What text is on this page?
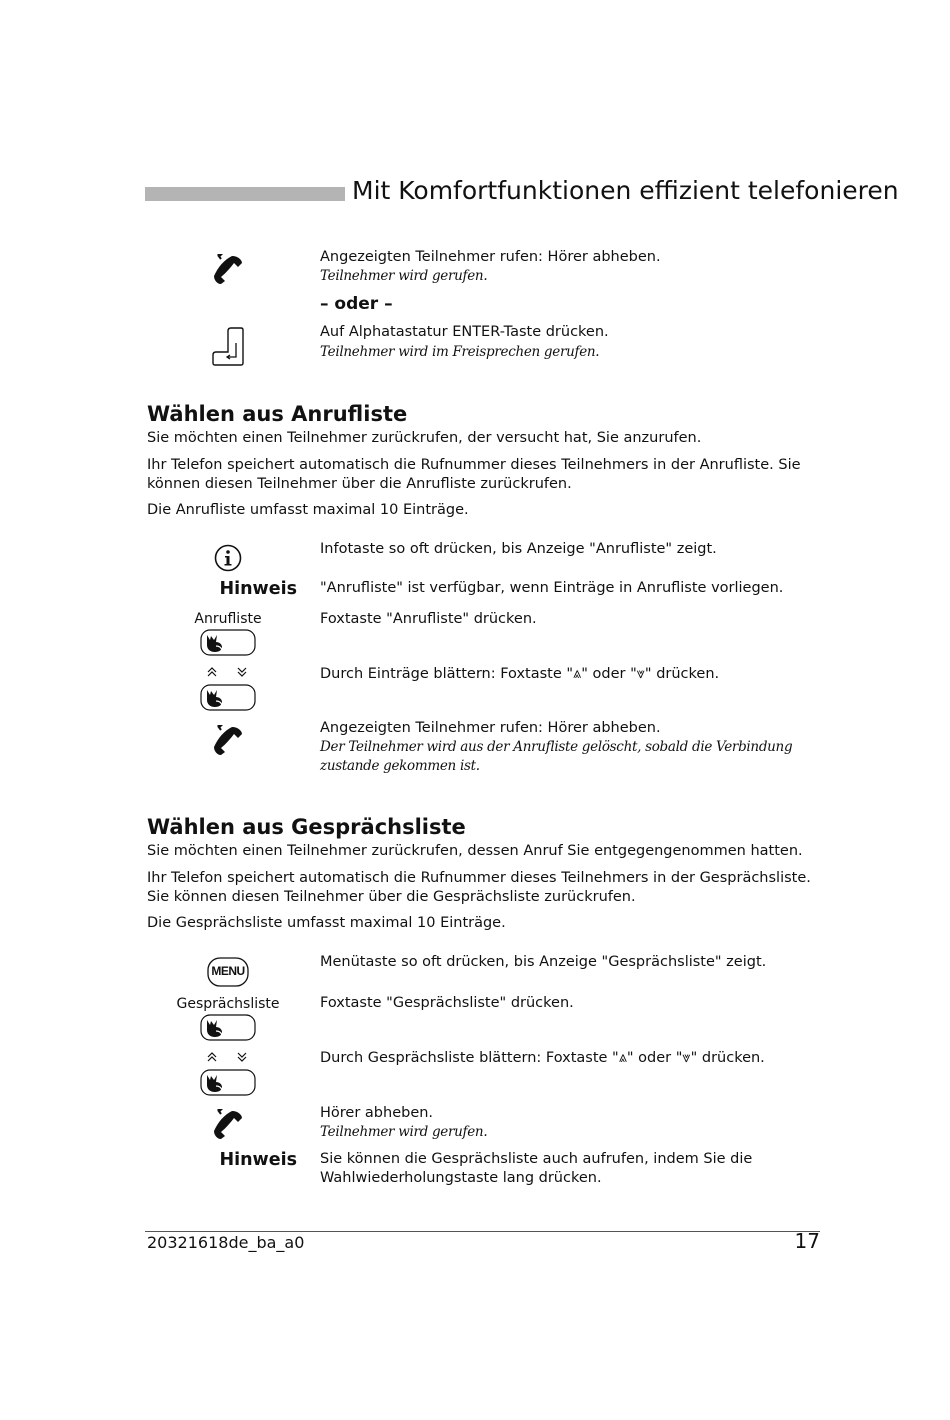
Mit Komfortfunktionen effizient telefonieren
Angezeigten Teilnehmer rufen: Hörer abheben.
Teilnehmer wird gerufen.
– oder –
Auf Alphatastatur ENTER-Taste drücken.
Teilnehmer wird im Freisprechen gerufen.
Wählen aus Anrufliste
Sie möchten einen Teilnehmer zurückrufen, der versucht hat, Sie anzurufen.
Ihr Telefon speichert automatisch die Rufnummer dieses Teilnehmers in der Anrufliste. Sie können diesen Teilnehmer über die Anrufliste zurückrufen.
Die Anrufliste umfasst maximal 10 Einträge.
Infotaste so oft drücken, bis Anzeige "Anrufliste" zeigt.
Hinweis "Anrufliste" ist verfügbar, wenn Einträge in Anrufliste vorliegen.
Anrufliste	Foxtaste "Anrufliste" drücken.
Durch Einträge blättern: Foxtaste "⩓" oder "⩔" drücken.
Angezeigten Teilnehmer rufen: Hörer abheben.
Der Teilnehmer wird aus der Anrufliste gelöscht, sobald die Verbindung zustande gekommen ist.
Wählen aus Gesprächsliste
Sie möchten einen Teilnehmer zurückrufen, dessen Anruf Sie entgegengenommen hatten.
Ihr Telefon speichert automatisch die Rufnummer dieses Teilnehmers in der Gesprächsliste. Sie können diesen Teilnehmer über die Gesprächsliste zurückrufen.
Die Gesprächsliste umfasst maximal 10 Einträge.
MENU
Menütaste so oft drücken, bis Anzeige "Gesprächsliste" zeigt.
Gesprächsliste	Foxtaste "Gesprächsliste" drücken.
Durch Gesprächsliste blättern: Foxtaste "⩓" oder "⩔" drücken.
Hörer abheben.
Teilnehmer wird gerufen.
Hinweis Sie können die Gesprächsliste auch aufrufen, indem Sie die Wahlwiederholungstaste lang drücken.
20321618de_ba_a0	17
